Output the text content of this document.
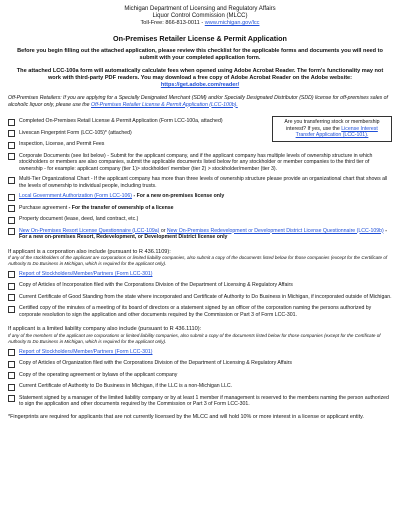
Michigan Department of Licensing and Regulatory Affairs
Liquor Control Commission (MLCC)
Toll-Free: 866-813-0011 - www.michigan.gov/lcc
On-Premises Retailer License & Permit Application
Before you begin filling out the attached application, please review this checklist for the applicable forms and documents you will need to submit with your completed application form.
The attached LCC-100a form will automatically calculate fees when opened using Adobe Acrobat Reader. The form's functionality may not work with third-party PDF readers. You may download a free copy of Adobe Acrobat Reader on the Adobe website: https://get.adobe.com/reader/
Off-Premises Retailers: If you are applying for a Specially Designated Merchant (SDM) and/or Specially Designated Distributor (SDD) license for off-premises sales of alcoholic liquor only, please use the Off-Premises Retailer License & Permit Application (LCC-100b).
Are you transferring stock or membership interest? If yes, use the License Interest Transfer Application (LCC-101).
Completed On-Premises Retail License & Permit Application (Form LCC-100a, attached)
Livescan Fingerprint Form (LCC-105)* (attached)
Inspection, License, and Permit Fees
Corporate Documents (see list below) - Submit for the applicant company, and if the applicant company has multiple levels of ownership structure in which stockholders or members are also companies, submit the applicable documents listed below for any stockholder or member companies to the third tier of ownership - for example: applicant company (tier 1)> stockholder/ member (tier 2) > stockholder/member (tier 3).
Multi-Tier Organizational Chart - If the applicant company has more than three levels of ownership structure please provide an organizational chart that shows all the levels of ownership to individual people, including trusts.
Local Government Authorization (Form LCC-106) - For a new on-premises license only
Purchase agreement - For the transfer of ownership of a license
Property document (lease, deed, land contract, etc.)
New On-Premises Resort License Questionnaire (LCC-109a) or New On-Premises Redevelopment or Development District License Questionnaire (LCC-109b) - For a new on-premises Resort, Redevelopment, or Development District license only
If applicant is a corporation also include (pursuant to R 436.1109):
If any of the stockholders of the applicant are corporations or limited liability companies, also submit a copy of the documents listed below for those companies (except for the Certificate of Authority to Do Business in Michigan, which is required for the applicant only).
Report of Stockholders/Member/Partners (Form LCC-301)
Copy of Articles of Incorporation filed with the Corporations Division of the Department of Licensing & Regulatory Affairs
Current Certificate of Good Standing from the state where incorporated and Certificate of Authority to Do Business in Michigan, if incorporated outside of Michigan.
Certified copy of the minutes of a meeting of its board of directors or a statement signed by an officer of the corporation naming the persons authorized by corporate resolution to sign the application and other documents required by the Commission or Part 3 of Form LCC-301.
If applicant is a limited liability company also include (pursuant to R 436.1110):
If any of the members of the applicant are corporations or limited liability companies, also submit a copy of the documents listed below for those companies (except for the Certificate of Authority to Do Business in Michigan, which is required for the applicant only).
Report of Stockholders/Member/Partners (Form LCC-301)
Copy of Articles of Organization filed with the Corporations Division of the Department of Licensing & Regulatory Affairs
Copy of the operating agreement or bylaws of the applicant company
Current Certificate of Authority to Do Business in Michigan, if the LLC is a non-Michigan LLC.
Statement signed by a manager of the limited liability company or by at least 1 member if management is reserved to the members naming the person authorized to sign the application and other documents required by the Commission or Part 3 of Form LCC-301.
*Fingerprints are required for applicants that are not currently licensed by the MLCC and will hold 10% or more interest in a license or applicant entity.
